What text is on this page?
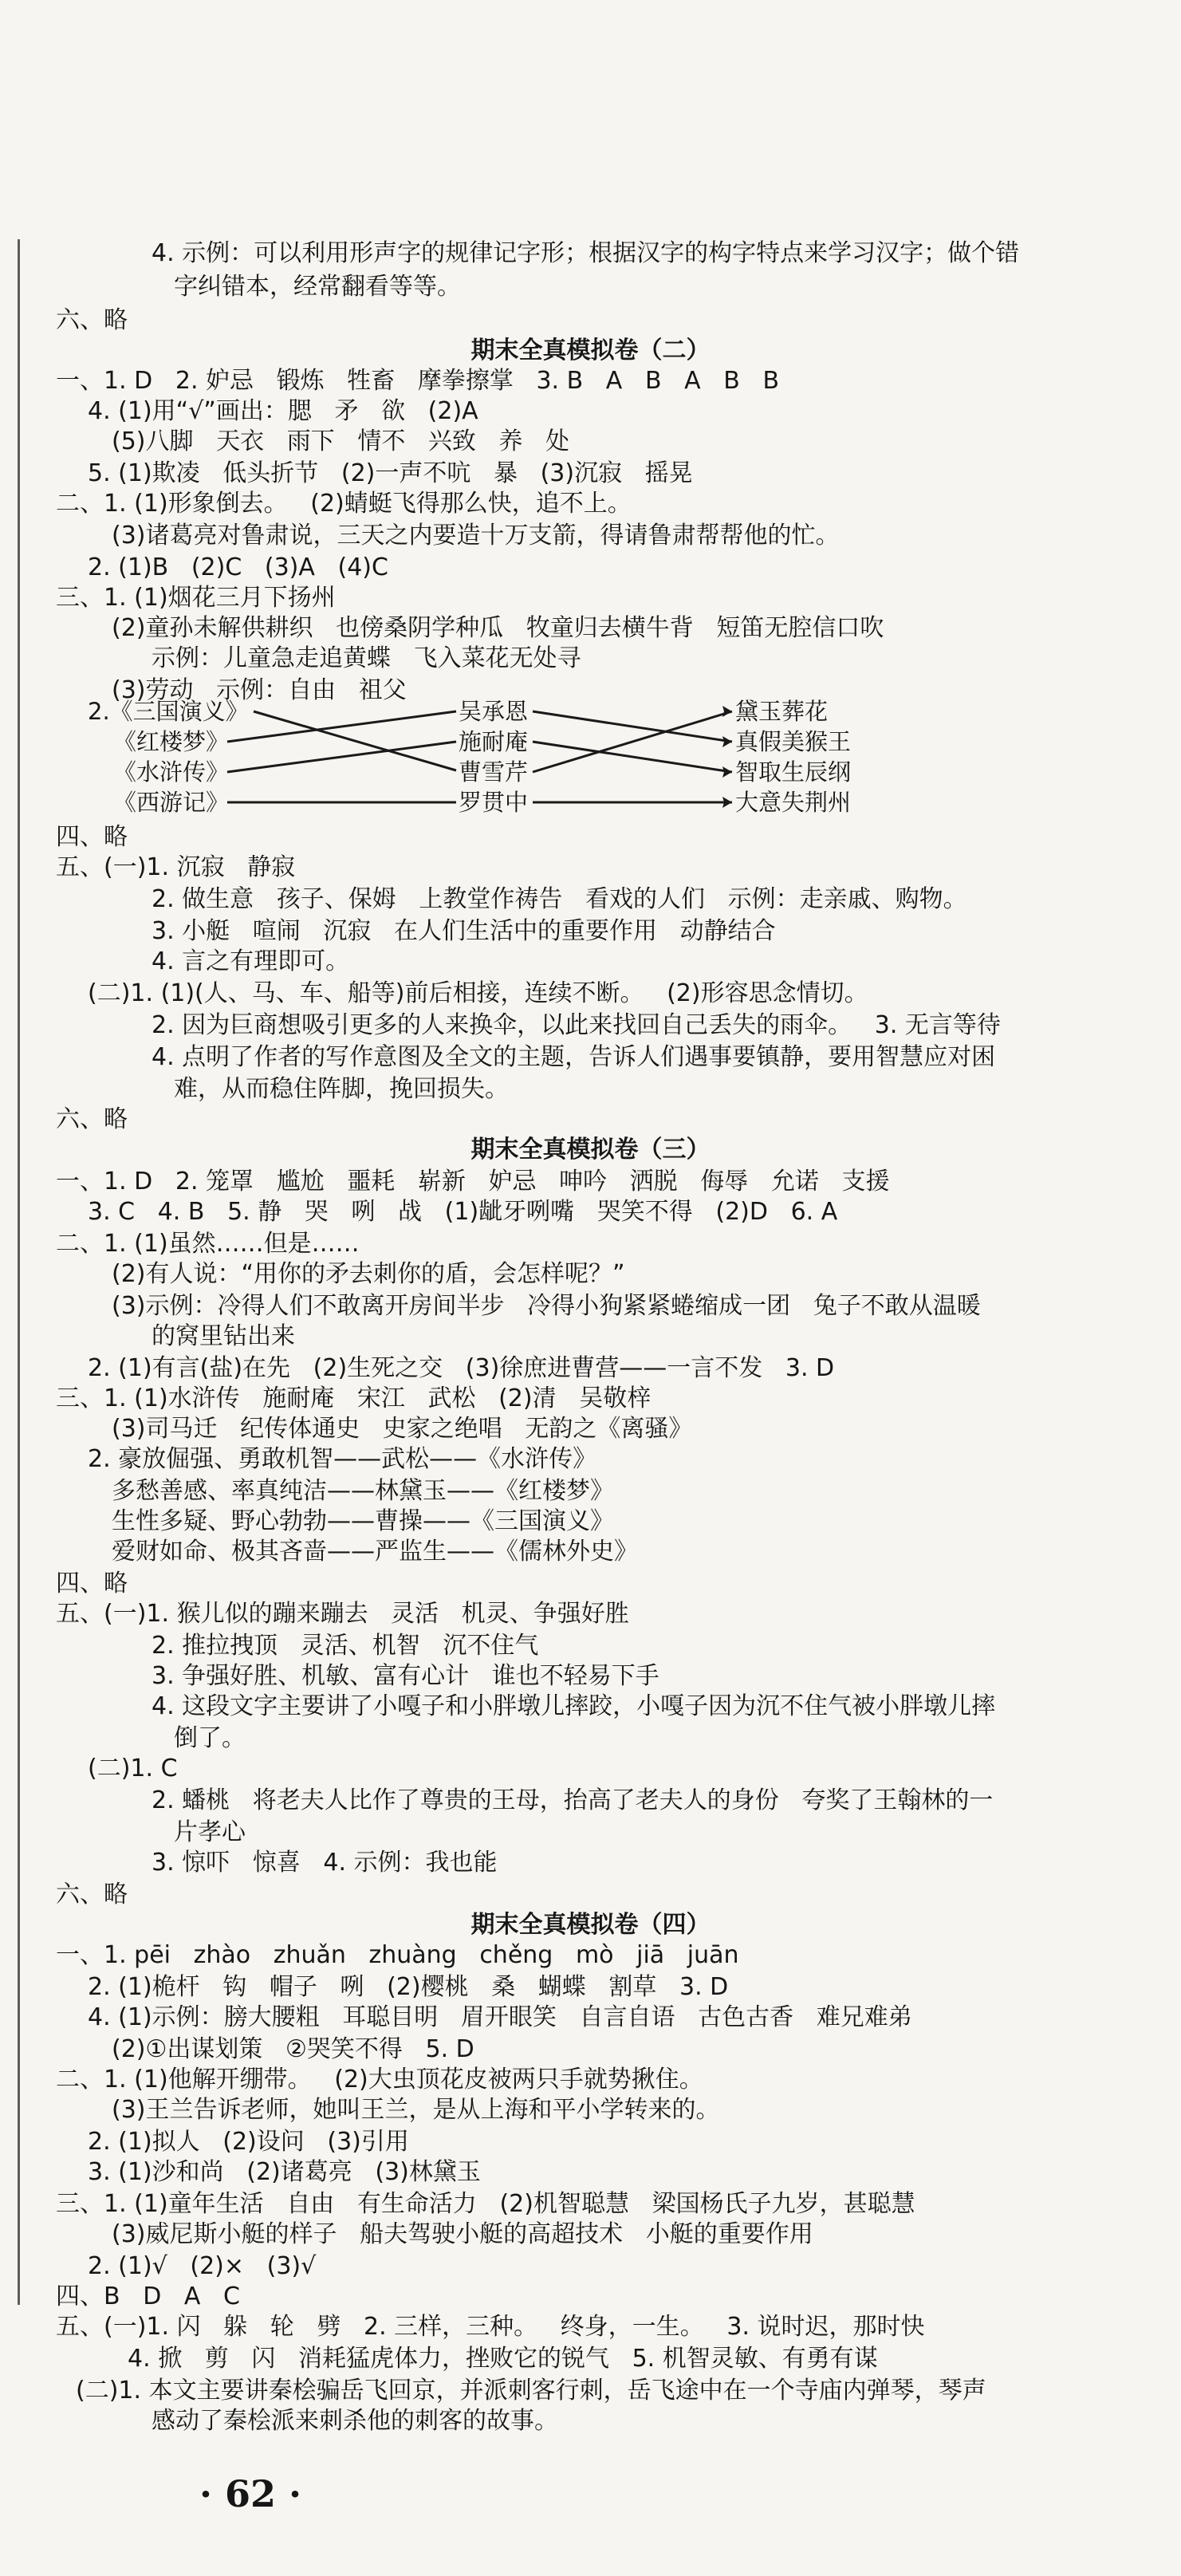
4. 示例：可以利用形声字的规律记字形；根据汉字的构字特点来学习汉字；做个错
字纠错本，经常翻看等等。
六、略
期末全真模拟卷（二）
一、1. D   2. 妒忌   锻炼   牲畜   摩拳擦掌   3. B   A   B   A   B   B
4. (1)用“√”画出：腮   矛   欲   (2)A
(5)八脚   天衣   雨下   情不   兴致   养   处
5. (1)欺凌   低头折节   (2)一声不吭   暴   (3)沉寂   摇晃
二、1. (1)形象倒去。   (2)蜻蜓飞得那么快，追不上。
(3)诸葛亮对鲁肃说，三天之内要造十万支箭，得请鲁肃帮帮他的忙。
2. (1)B   (2)C   (3)A   (4)C
三、1. (1)烟花三月下扬州
(2)童孙未解供耕织   也傍桑阴学种瓜   牧童归去横牛背   短笛无腔信口吹
示例：儿童急走追黄蝶   飞入菜花无处寻
(3)劳动   示例：自由   祖父
2.《三国演义》
《红楼梦》
《水浒传》
《西游记》
吴承恩
施耐庵
曹雪芹
罗贯中
黛玉葬花
真假美猴王
智取生辰纲
大意失荆州
四、略
五、(一)1. 沉寂   静寂
2. 做生意   孩子、保姆   上教堂作祷告   看戏的人们   示例：走亲戚、购物。
3. 小艇   喧闹   沉寂   在人们生活中的重要作用   动静结合
4. 言之有理即可。
(二)1. (1)(人、马、车、船等)前后相接，连续不断。   (2)形容思念情切。
2. 因为巨商想吸引更多的人来换伞，以此来找回自己丢失的雨伞。   3. 无言等待
4. 点明了作者的写作意图及全文的主题，告诉人们遇事要镇静，要用智慧应对困
难，从而稳住阵脚，挽回损失。
六、略
期末全真模拟卷（三）
一、1. D   2. 笼罩   尴尬   噩耗   崭新   妒忌   呻吟   洒脱   侮辱   允诺   支援
3. C   4. B   5. 静   哭   咧   战   (1)龇牙咧嘴   哭笑不得   (2)D   6. A
二、1. (1)虽然……但是……
(2)有人说：“用你的矛去刺你的盾，会怎样呢？”
(3)示例：冷得人们不敢离开房间半步   冷得小狗紧紧蜷缩成一团   兔子不敢从温暖
的窝里钻出来
2. (1)有言(盐)在先   (2)生死之交   (3)徐庶进曹营——一言不发   3. D
三、1. (1)水浒传   施耐庵   宋江   武松   (2)清   吴敬梓
(3)司马迁   纪传体通史   史家之绝唱   无韵之《离骚》
2. 豪放倔强、勇敢机智——武松——《水浒传》
多愁善感、率真纯洁——林黛玉——《红楼梦》
生性多疑、野心勃勃——曹操——《三国演义》
爱财如命、极其吝啬——严监生——《儒林外史》
四、略
五、(一)1. 猴儿似的蹦来蹦去   灵活   机灵、争强好胜
2. 推拉拽顶   灵活、机智   沉不住气
3. 争强好胜、机敏、富有心计   谁也不轻易下手
4. 这段文字主要讲了小嘎子和小胖墩儿摔跤，小嘎子因为沉不住气被小胖墩儿摔
倒了。
(二)1. C
2. 蟠桃   将老夫人比作了尊贵的王母，抬高了老夫人的身份   夸奖了王翰林的一
片孝心
3. 惊吓   惊喜   4. 示例：我也能
六、略
期末全真模拟卷（四）
一、1. pēi   zhào   zhuǎn   zhuàng   chěng   mò   jiā   juān
2. (1)桅杆   钩   帽子   咧   (2)樱桃   桑   蝴蝶   割草   3. D
4. (1)示例：膀大腰粗   耳聪目明   眉开眼笑   自言自语   古色古香   难兄难弟
(2)①出谋划策   ②哭笑不得   5. D
二、1. (1)他解开绷带。   (2)大虫顶花皮被两只手就势揪住。
(3)王兰告诉老师，她叫王兰，是从上海和平小学转来的。
2. (1)拟人   (2)设问   (3)引用
3. (1)沙和尚   (2)诸葛亮   (3)林黛玉
三、1. (1)童年生活   自由   有生命活力   (2)机智聪慧   梁国杨氏子九岁，甚聪慧
(3)威尼斯小艇的样子   船夫驾驶小艇的高超技术   小艇的重要作用
2. (1)√   (2)×   (3)√
四、B   D   A   C
五、(一)1. 闪   躲   轮   劈   2. 三样，三种。   终身，一生。   3. 说时迟，那时快
4. 掀   剪   闪   消耗猛虎体力，挫败它的锐气   5. 机智灵敏、有勇有谋
(二)1. 本文主要讲秦桧骗岳飞回京，并派刺客行刺，岳飞途中在一个寺庙内弹琴，琴声
感动了秦桧派来刺杀他的刺客的故事。
· 62 ·
